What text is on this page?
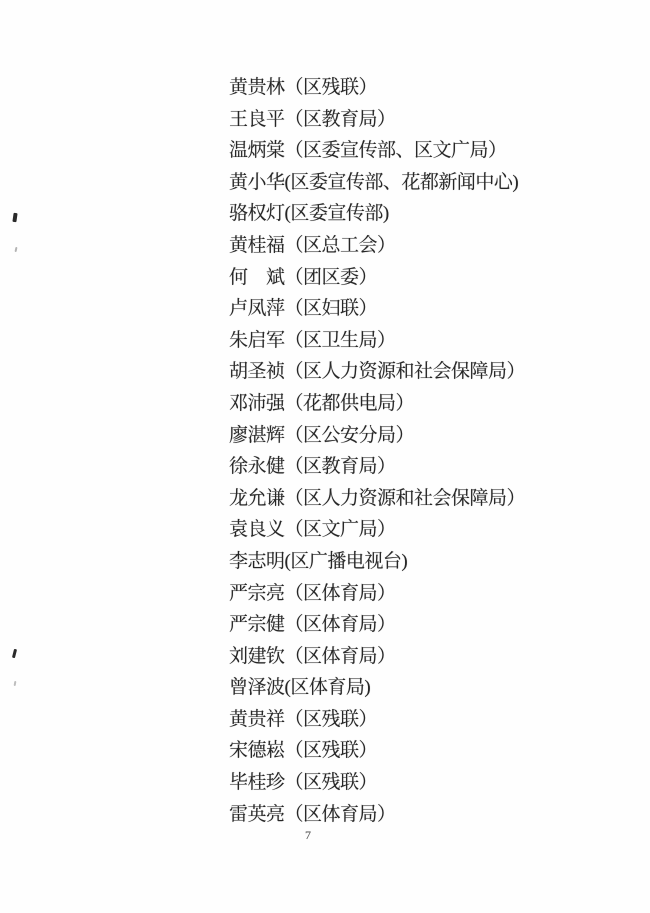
黄贵林（区残联）
王良平（区教育局）
温炳棠（区委宣传部、区文广局）
黄小华(区委宣传部、花都新闻中心)
骆权灯(区委宣传部)
黄桂福（区总工会）
何　斌（团区委）
卢凤萍（区妇联）
朱启军（区卫生局）
胡圣祯（区人力资源和社会保障局）
邓沛强（花都供电局）
廖湛辉（区公安分局）
徐永健（区教育局）
龙允谦（区人力资源和社会保障局）
袁良义（区文广局）
李志明(区广播电视台)
严宗亮（区体育局）
严宗健（区体育局）
刘建钦（区体育局）
曾泽波(区体育局)
黄贵祥（区残联）
宋德崧（区残联）
毕桂珍（区残联）
雷英亮（区体育局）
7
